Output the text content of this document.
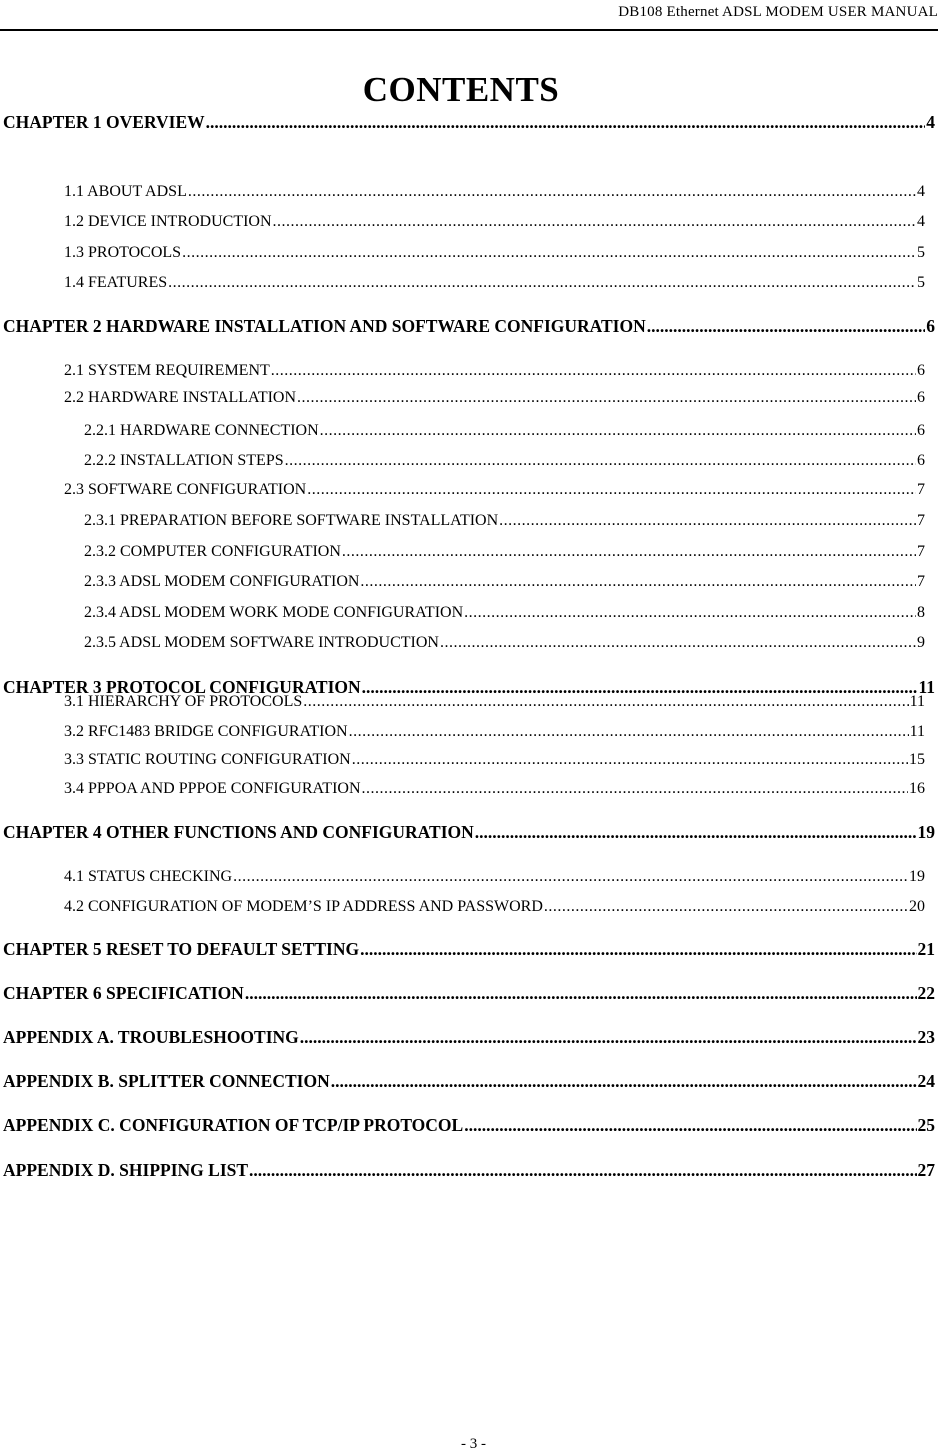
DB108 Ethernet ADSL MODEM USER MANUAL
CONTENTS
CHAPTER 1 OVERVIEW .....	4
1.1 ABOUT ADSL .....	4
1.2 DEVICE INTRODUCTION .....	4
1.3 PROTOCOLS .....	5
1.4 FEATURES .....	5
CHAPTER 2 HARDWARE INSTALLATION AND SOFTWARE CONFIGURATION .....	6
2.1 SYSTEM REQUIREMENT .....	6
2.2 HARDWARE INSTALLATION .....	6
2.2.1 HARDWARE CONNECTION .....	6
2.2.2 INSTALLATION STEPS .....	6
2.3 SOFTWARE CONFIGURATION .....	7
2.3.1 PREPARATION BEFORE SOFTWARE INSTALLATION .....	7
2.3.2 COMPUTER CONFIGURATION .....	7
2.3.3 ADSL MODEM CONFIGURATION .....	7
2.3.4 ADSL MODEM WORK MODE CONFIGURATION .....	8
2.3.5 ADSL MODEM SOFTWARE INTRODUCTION .....	9
CHAPTER 3 PROTOCOL CONFIGURATION .....	11
3.1 HIERARCHY OF PROTOCOLS .....	11
3.2 RFC1483 BRIDGE CONFIGURATION .....	11
3.3 STATIC ROUTING CONFIGURATION .....	15
3.4 PPPOA AND PPPOE CONFIGURATION .....	16
CHAPTER 4 OTHER FUNCTIONS AND CONFIGURATION .....	19
4.1 STATUS CHECKING .....	19
4.2 CONFIGURATION OF MODEM’S IP ADDRESS AND PASSWORD .....	20
CHAPTER 5 RESET TO DEFAULT SETTING .....	21
CHAPTER 6 SPECIFICATION .....	22
APPENDIX A. TROUBLESHOOTING .....	23
APPENDIX B. SPLITTER CONNECTION .....	24
APPENDIX C. CONFIGURATION OF TCP/IP PROTOCOL .....	25
APPENDIX D. SHIPPING LIST .....	27
- 3 -
